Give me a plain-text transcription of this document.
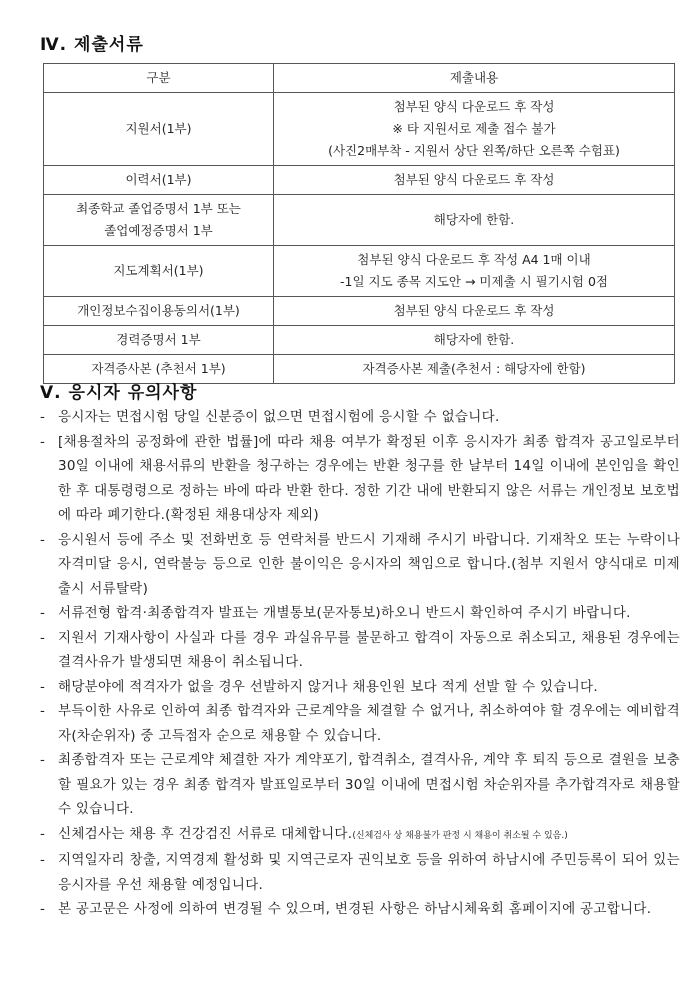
Ⅳ. 제출서류
구분	제출내용

지원서(1부)	첨부된 양식 다운로드 후 작성
※ 타 지원서로 제출 접수 불가
(사진2매부착 - 지원서 상단 왼쪽/하단 오른쪽 수험표)

이력서(1부)	첨부된 양식 다운로드 후 작성

최종학교 졸업증명서 1부 또는
졸업예정증명서 1부	해당자에 한함.

지도계획서(1부)	첨부된 양식 다운로드 후 작성 A4 1매 이내
-1일 지도 종목 지도안 → 미제출 시 필기시험 0점

개인정보수집이용동의서(1부)	첨부된 양식 다운로드 후 작성

경력증명서 1부	해당자에 한함.

자격증사본 (추천서 1부)	자격증사본 제출(추천서 : 해당자에 한함)
Ⅴ. 응시자 유의사항
- 응시자는 면접시험 당일 신분증이 없으면 면접시험에 응시할 수 없습니다.
- [채용절차의 공정화에 관한 법률]에 따라 채용 여부가 확정된 이후 응시자가 최종 합격자 공고일로부터 30일 이내에 채용서류의 반환을 청구하는 경우에는 반환 청구를 한 날부터 14일 이내에 본인임을 확인한 후 대통령령으로 정하는 바에 따라 반환 한다. 정한 기간 내에 반환되지 않은 서류는 개인정보 보호법에 따라 폐기한다.(확정된 채용대상자 제외)
- 응시원서 등에 주소 및 전화번호 등 연락처를 반드시 기재해 주시기 바랍니다. 기재착오 또는 누락이나 자격미달 응시, 연락불능 등으로 인한 불이익은 응시자의 책임으로 합니다.(첨부 지원서 양식대로 미제출시 서류탈락)
- 서류전형 합격·최종합격자 발표는 개별통보(문자통보)하오니 반드시 확인하여 주시기 바랍니다.
- 지원서 기재사항이 사실과 다를 경우 과실유무를 불문하고 합격이 자동으로 취소되고, 채용된 경우에는 결격사유가 발생되면 채용이 취소됩니다.
- 해당분야에 적격자가 없을 경우 선발하지 않거나 채용인원 보다 적게 선발 할 수 있습니다.
- 부득이한 사유로 인하여 최종 합격자와 근로계약을 체결할 수 없거나, 취소하여야 할 경우에는 예비합격자(차순위자) 중 고득점자 순으로 채용할 수 있습니다.
- 최종합격자 또는 근로계약 체결한 자가 계약포기, 합격취소, 결격사유, 계약 후 퇴직 등으로 결원을 보충할 필요가 있는 경우 최종 합격자 발표일로부터 30일 이내에 면접시험 차순위자를 추가합격자로 채용할 수 있습니다.
- 신체검사는 채용 후 건강검진 서류로 대체합니다.(신체검사 상 채용불가 판정 시 채용이 취소될 수 있음.)
- 지역일자리 창출, 지역경제 활성화 및 지역근로자 권익보호 등을 위하여 하남시에 주민등록이 되어 있는 응시자를 우선 채용할 예정입니다.
- 본 공고문은 사정에 의하여 변경될 수 있으며, 변경된 사항은 하남시체육회 홈페이지에 공고합니다.
